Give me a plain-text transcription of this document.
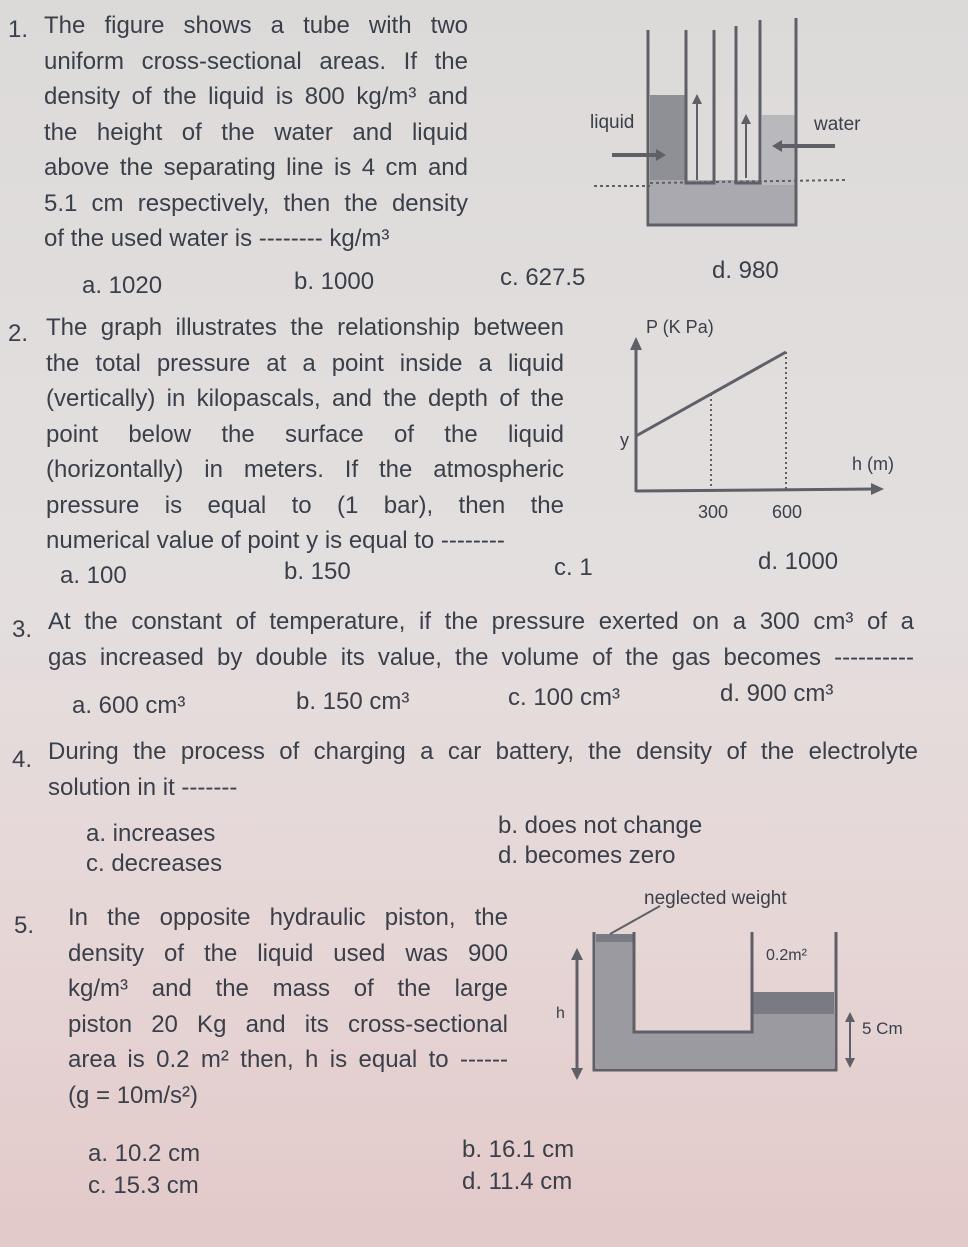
1. The figure shows a tube with two
uniform cross-sectional areas. If the
density of the liquid is 800 kg/m³ and
the height of the water and liquid
above the separating line is 4 cm and
5.1 cm respectively, then the density
of the used water is -------- kg/m³
a. 1020	b. 1000	c. 627.5	d. 980
liquid	water
2. The graph illustrates the relationship between
the total pressure at a point inside a liquid
(vertically) in kilopascals, and the depth of the
point below the surface of the liquid
(horizontally) in meters. If the atmospheric
pressure is equal to (1 bar), then the
numerical value of point y is equal to --------
a. 100	b. 150	c. 1	d. 1000
P (K Pa)
h (m)
300 600
y
3. At the constant of temperature, if the pressure exerted on a 300 cm³ of a
gas increased by double its value, the volume of the gas becomes ----------
a. 600 cm³	b. 150 cm³	c. 100 cm³	d. 900 cm³
4. During the process of charging a car battery, the density of the electrolyte
solution in it -------
a. increases	b. does not change
c. decreases	d. becomes zero
5. In the opposite hydraulic piston, the
density of the liquid used was 900
kg/m³ and the mass of the large
piston 20 Kg and its cross-sectional
area is 0.2 m² then, h is equal to ------
(g = 10m/s²)
a. 10.2 cm	b. 16.1 cm
c. 15.3 cm	d. 11.4 cm
neglected weight
0.2m²
h
5 Cm
